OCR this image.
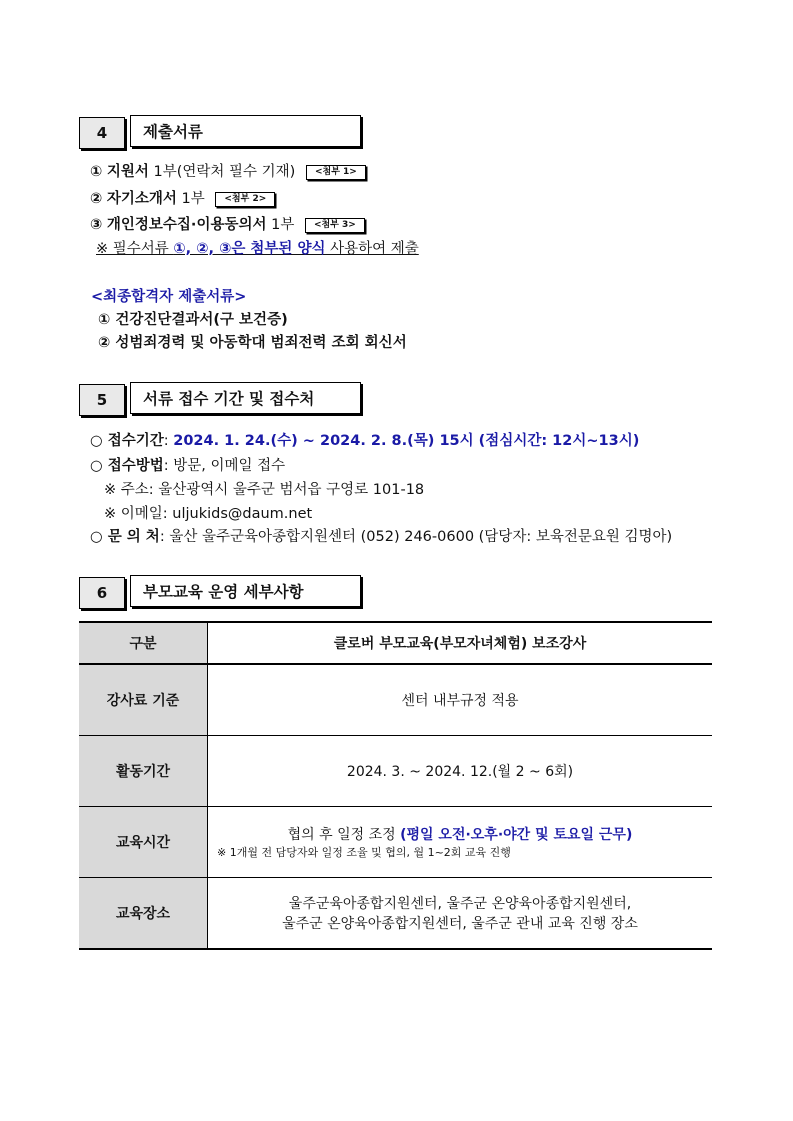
4	제출서류
① 지원서 1부(연락처 필수 기재) <첨부 1>
② 자기소개서 1부 <첨부 2>
③ 개인정보수집·이용동의서 1부 <첨부 3>
※ 필수서류 ①, ②, ③은 첨부된 양식 사용하여 제출
<최종합격자 제출서류>
① 건강진단결과서(구 보건증)
② 성범죄경력 및 아동학대 범죄전력 조회 회신서
5	서류 접수 기간 및 접수처
○ 접수기간: 2024. 1. 24.(수) ~ 2024. 2. 8.(목) 15시 (점심시간: 12시~13시)
○ 접수방법: 방문, 이메일 접수
※ 주소: 울산광역시 울주군 범서읍 구영로 101-18
※ 이메일: uljukids@daum.net
○ 문 의 처: 울산 울주군육아종합지원센터 (052) 246-0600 (담당자: 보육전문요원 김명아)
6	부모교육 운영 세부사항
구분	클로버 부모교육(부모자녀체험) 보조강사
강사료 기준	센터 내부규정 적용
활동기간	2024. 3. ~ 2024. 12.(월 2 ~ 6회)
교육시간	협의 후 일정 조정 (평일 오전·오후·야간 및 토요일 근무)
※ 1개월 전 담당자와 일정 조율 및 협의, 월 1~2회 교육 진행

교육장소	울주군육아종합지원센터, 울주군 온양육아종합지원센터,
울주군 온양육아종합지원센터, 울주군 관내 교육 진행 장소
